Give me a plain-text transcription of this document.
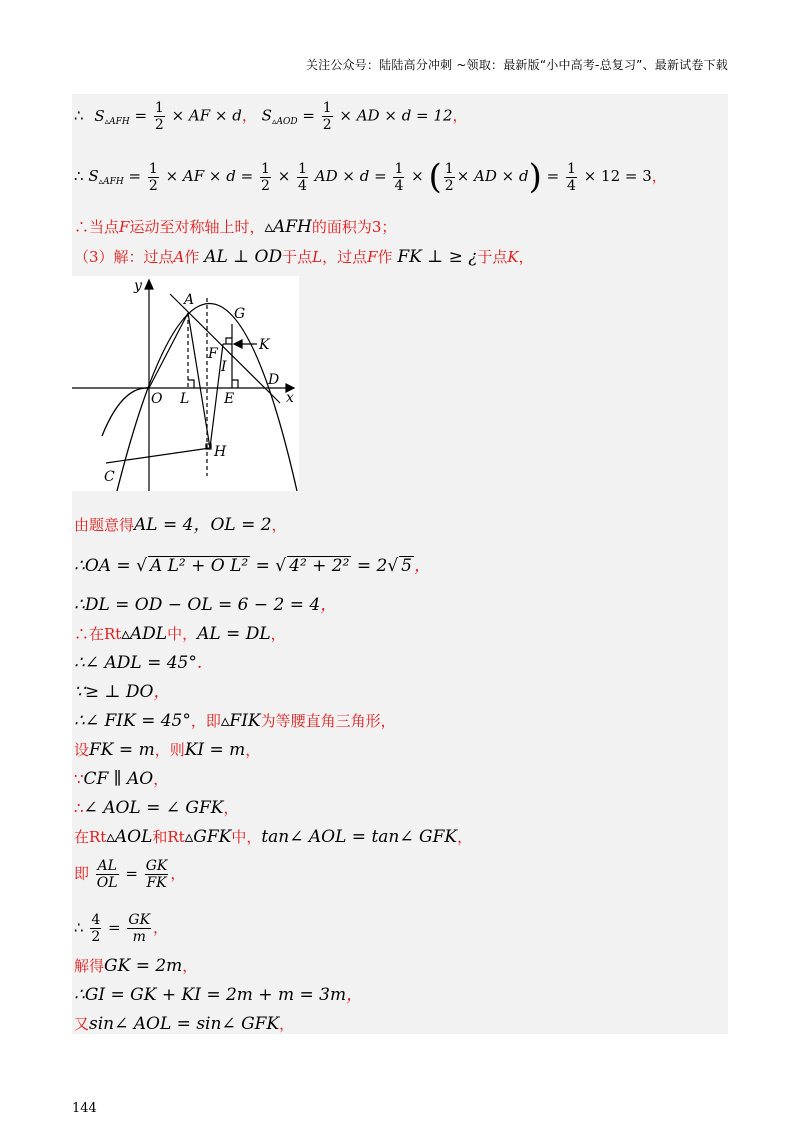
关注公众号：陆陆高分冲刺 ~领取：最新版“小中高考-总复习”、最新试卷下载
∴ $S_{▵AFH} = \frac{1}{2}$ × AF × d， $S_{▵AOD} = \frac{1}{2}$ × AD × d = 12，
∴ $S_{▵AFH} = \frac{1}{2}$ × AF × $d = \frac{1}{2} \times \frac{1}{4}$ AD × $d = \frac{1}{4}$ × ( $\frac{1}{2}$ × AD × $d) = \frac{1}{4} \times 12 = 3$，
∴当点F运动至对称轴上时，▵AFH的面积为3；
（3）解：过点A作 AL ⊥ OD于点L，过点F作 FK ⊥ ≥ ¿于点K，
y
x
A
G
F
K
I
D
O L E
H
C
由题意得AL = 4，OL = 2，
∴OA = √ A L² + O L² = √ 4² + 2² = 2√ 5 ，
∴DL = OD − OL = 6 − 2 = 4，
∴在Rt▵ADL中，AL = DL，
∴∠ ADL = 45°.
∵≥ ⊥ DO，
∴∠ FIK = 45°，即▵FIK为等腰直角三角形，
设FK = m，则KI = m，
∵CF ∥ AO，
∴∠ AOL = ∠ GFK，
在Rt▵AOL和Rt▵GFK中，tan∠ AOL = tan∠ GFK，
即 $\frac{AL}{OL} = \frac{GK}{FK}$ ，
∴ $\frac{4}{2} = \frac{GK}{m}$ ，
解得GK = 2m，
∴GI = GK + KI = 2m + m = 3m，
又sin∠ AOL = sin∠ GFK，
144
